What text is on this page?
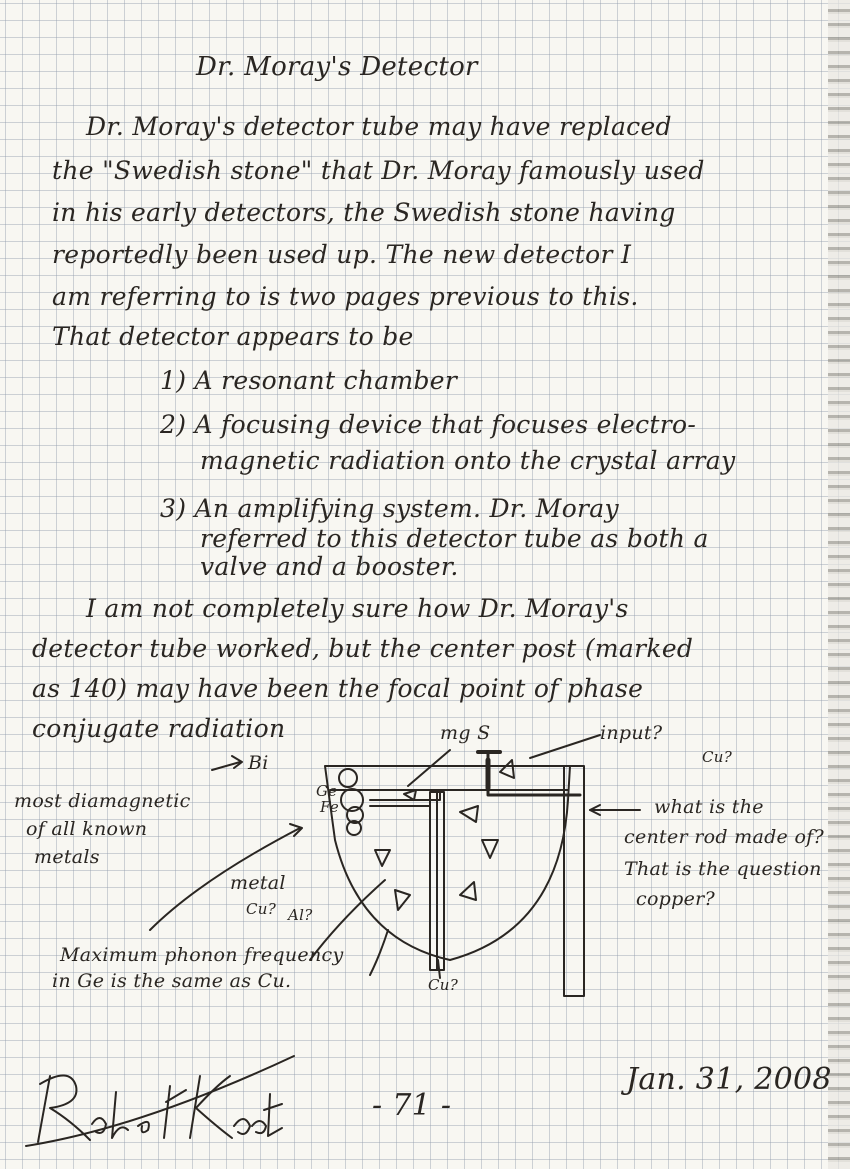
Dr. Moray's Detector

Dr. Moray's detector tube may have replaced

the "Swedish stone" that Dr. Moray famously used

in his early detectors, the Swedish stone having

reportedly been used up. The new detector I

am referring to is two pages previous to this.

That detector appears to be

1) A resonant chamber

2) A focusing device that focuses electro-

magnetic radiation onto the crystal array

3) An amplifying system. Dr. Moray

referred to this detector tube as both a

valve and a booster.

I am not completely sure how Dr. Moray's

detector tube worked, but the center post (marked

as 140) may have been the focal point of phase

conjugate radiation	mg S	input?

Cu?

Bi

Ge

Fe

most diamagnetic

of all known

metals

what is the

center rod made of?

That is the question

copper?

metal

Cu? Al?

Maximum phonon frequency

in Ge is the same as Cu.	Cu?

Robert Koontz

- 71 -

Jan. 31, 2008
